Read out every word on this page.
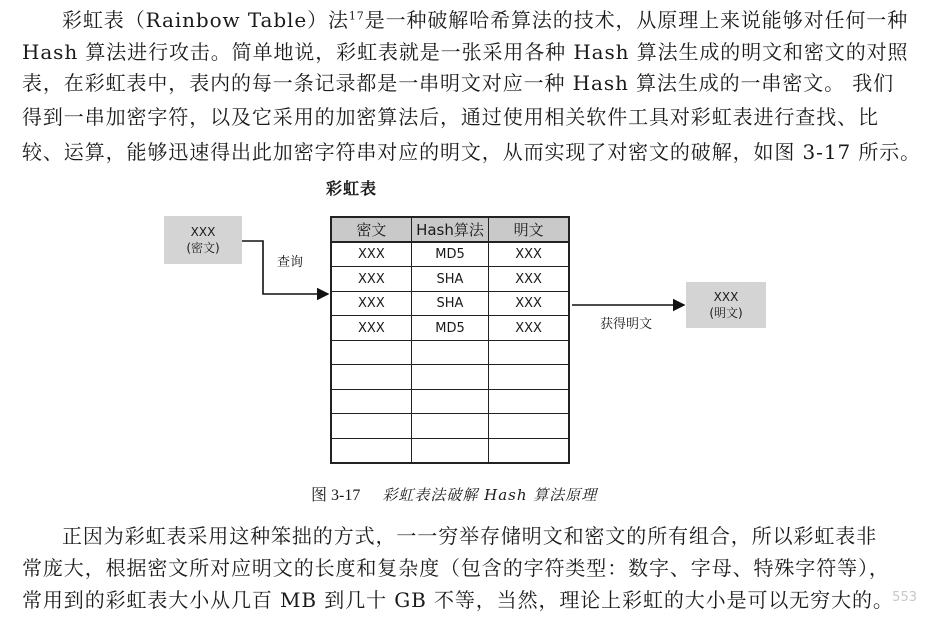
彩虹表（Rainbow Table）法$^{17}$是一种破解哈希算法的技术，从原理上来说能够对任何一种
Hash 算法进行攻击。简单地说，彩虹表就是一张采用各种 Hash 算法生成的明文和密文的对照
表，在彩虹表中，表内的每一条记录都是一串明文对应一种 Hash 算法生成的一串密文。 我们
得到一串加密字符，以及它采用的加密算法后，通过使用相关软件工具对彩虹表进行查找、比
较、运算，能够迅速得出此加密字符串对应的明文，从而实现了对密文的破解，如图 3-17 所示。
彩虹表
XXX
(密文)
XXX
(明文)
查询
获得明文
密文	Hash算法	明文
XXX	MD5	XXX
XXX	SHA	XXX
XXX	SHA	XXX
XXX	MD5	XXX

图 3-17 彩虹表法破解 Hash 算法原理
正因为彩虹表采用这种笨拙的方式，一一穷举存储明文和密文的所有组合，所以彩虹表非
常庞大，根据密文所对应明文的长度和复杂度（包含的字符类型：数字、字母、特殊字符等），
常用到的彩虹表大小从几百 MB 到几十 GB 不等，当然，理论上彩虹的大小是可以无穷大的。
553
